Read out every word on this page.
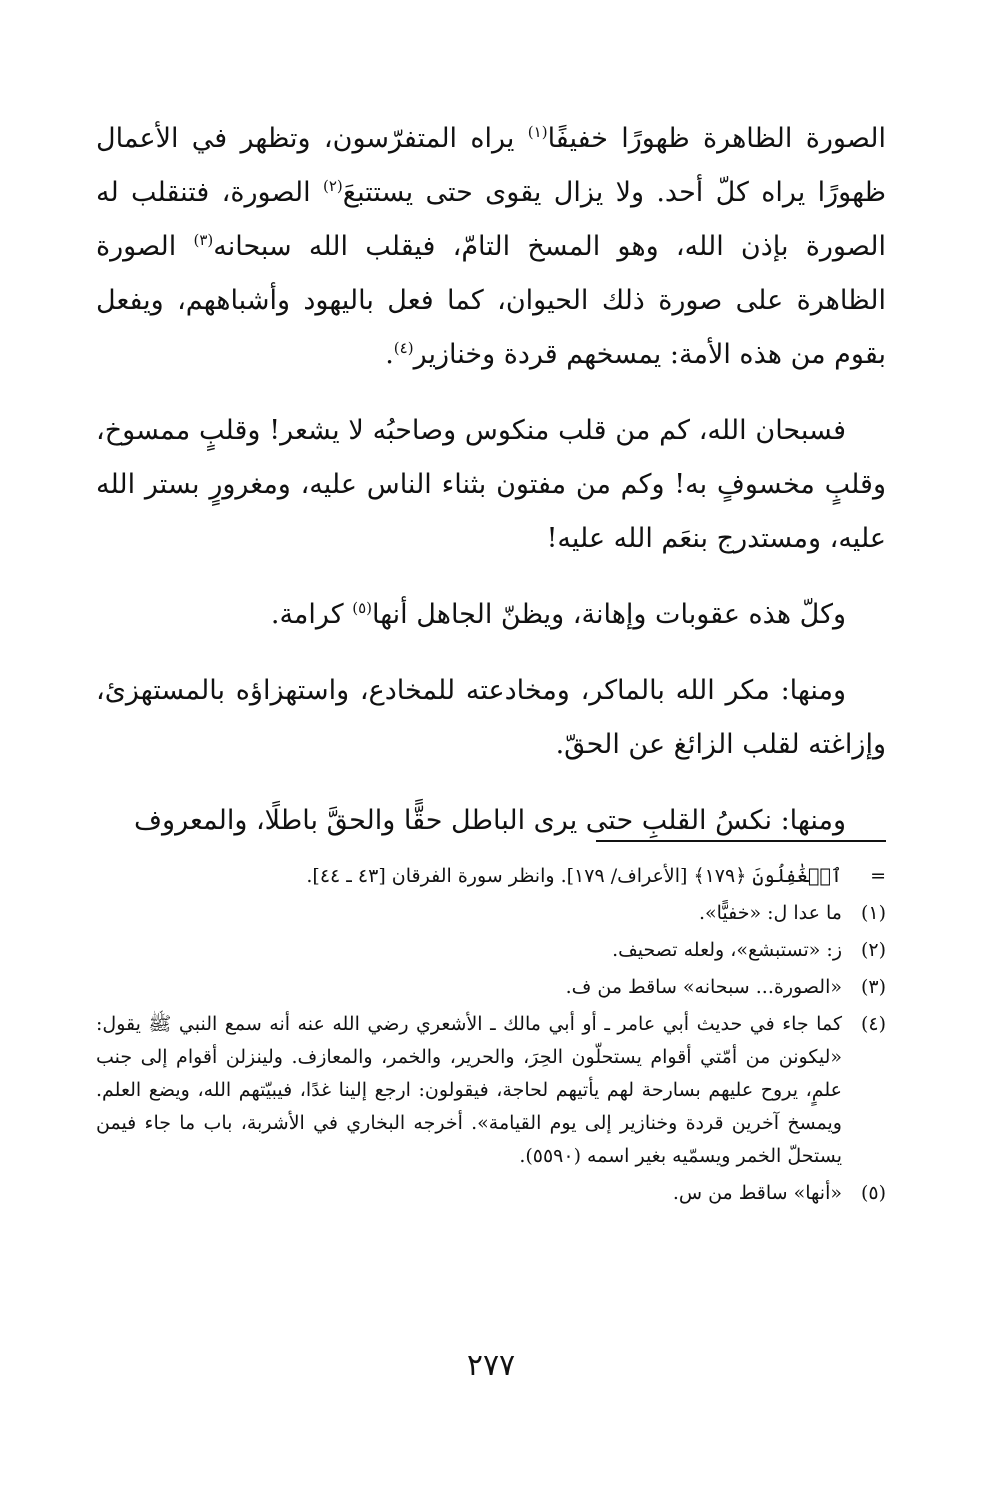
الصورة الظاهرة ظهورًا خفيفًا$^{(١)}$ يراه المتفرّسون، وتظهر في الأعمال ظهورًا يراه كلّ أحد. ولا يزال يقوى حتى يستتبعَ$^{(٢)}$ الصورة، فتنقلب له الصورة بإذن الله، وهو المسخ التامّ، فيقلب الله سبحانه$^{(٣)}$ الصورة الظاهرة على صورة ذلك الحيوان، كما فعل باليهود وأشباههم، ويفعل بقوم من هذه الأمة: يمسخهم قردة وخنازير$^{(٤)}$.

فسبحان الله، كم من قلب منكوس وصاحبُه لا يشعر! وقلبٍ ممسوخ، وقلبٍ مخسوفٍ به! وكم من مفتون بثناء الناس عليه، ومغرورٍ بستر الله عليه، ومستدرج بنعَم الله عليه!

وكلّ هذه عقوبات وإهانة، ويظنّ الجاهل أنها$^{(٥)}$ كرامة.

ومنها: مكر الله بالماكر، ومخادعته للمخادع، واستهزاؤه بالمستهزئ، وإزاغته لقلب الزائغ عن الحقّ.

ومنها: نكسُ القلبِ حتى يرى الباطل حقًّا والحقَّ باطلًا، والمعروف

=
ٱلۡغَٰفِلُونَ ﴿١٧٩﴾ [الأعراف/ ١٧٩]. وانظر سورة الفرقان [٤٣ ـ ٤٤].
(١)
ما عدا ل: «خفيًّا».
(٢)
ز: «تستبشع»، ولعله تصحيف.
(٣)
«الصورة... سبحانه» ساقط من ف.
(٤)
كما جاء في حديث أبي عامر ـ أو أبي مالك ـ الأشعري رضي الله عنه أنه سمع النبي ﷺ يقول: «ليكونن من أمّتي أقوام يستحلّون الحِرَ، والحرير، والخمر، والمعازف. ولينزلن أقوام إلى جنب علمٍ، يروح عليهم بسارحة لهم يأتيهم لحاجة، فيقولون: ارجع إلينا غدًا، فيبيّتهم الله، ويضع العلم. ويمسخ آخرين قردة وخنازير إلى يوم القيامة». أخرجه البخاري في الأشربة، باب ما جاء فيمن يستحلّ الخمر ويسمّيه بغير اسمه (٥٥٩٠).
(٥)
«أنها» ساقط من س.
٢٧٧
